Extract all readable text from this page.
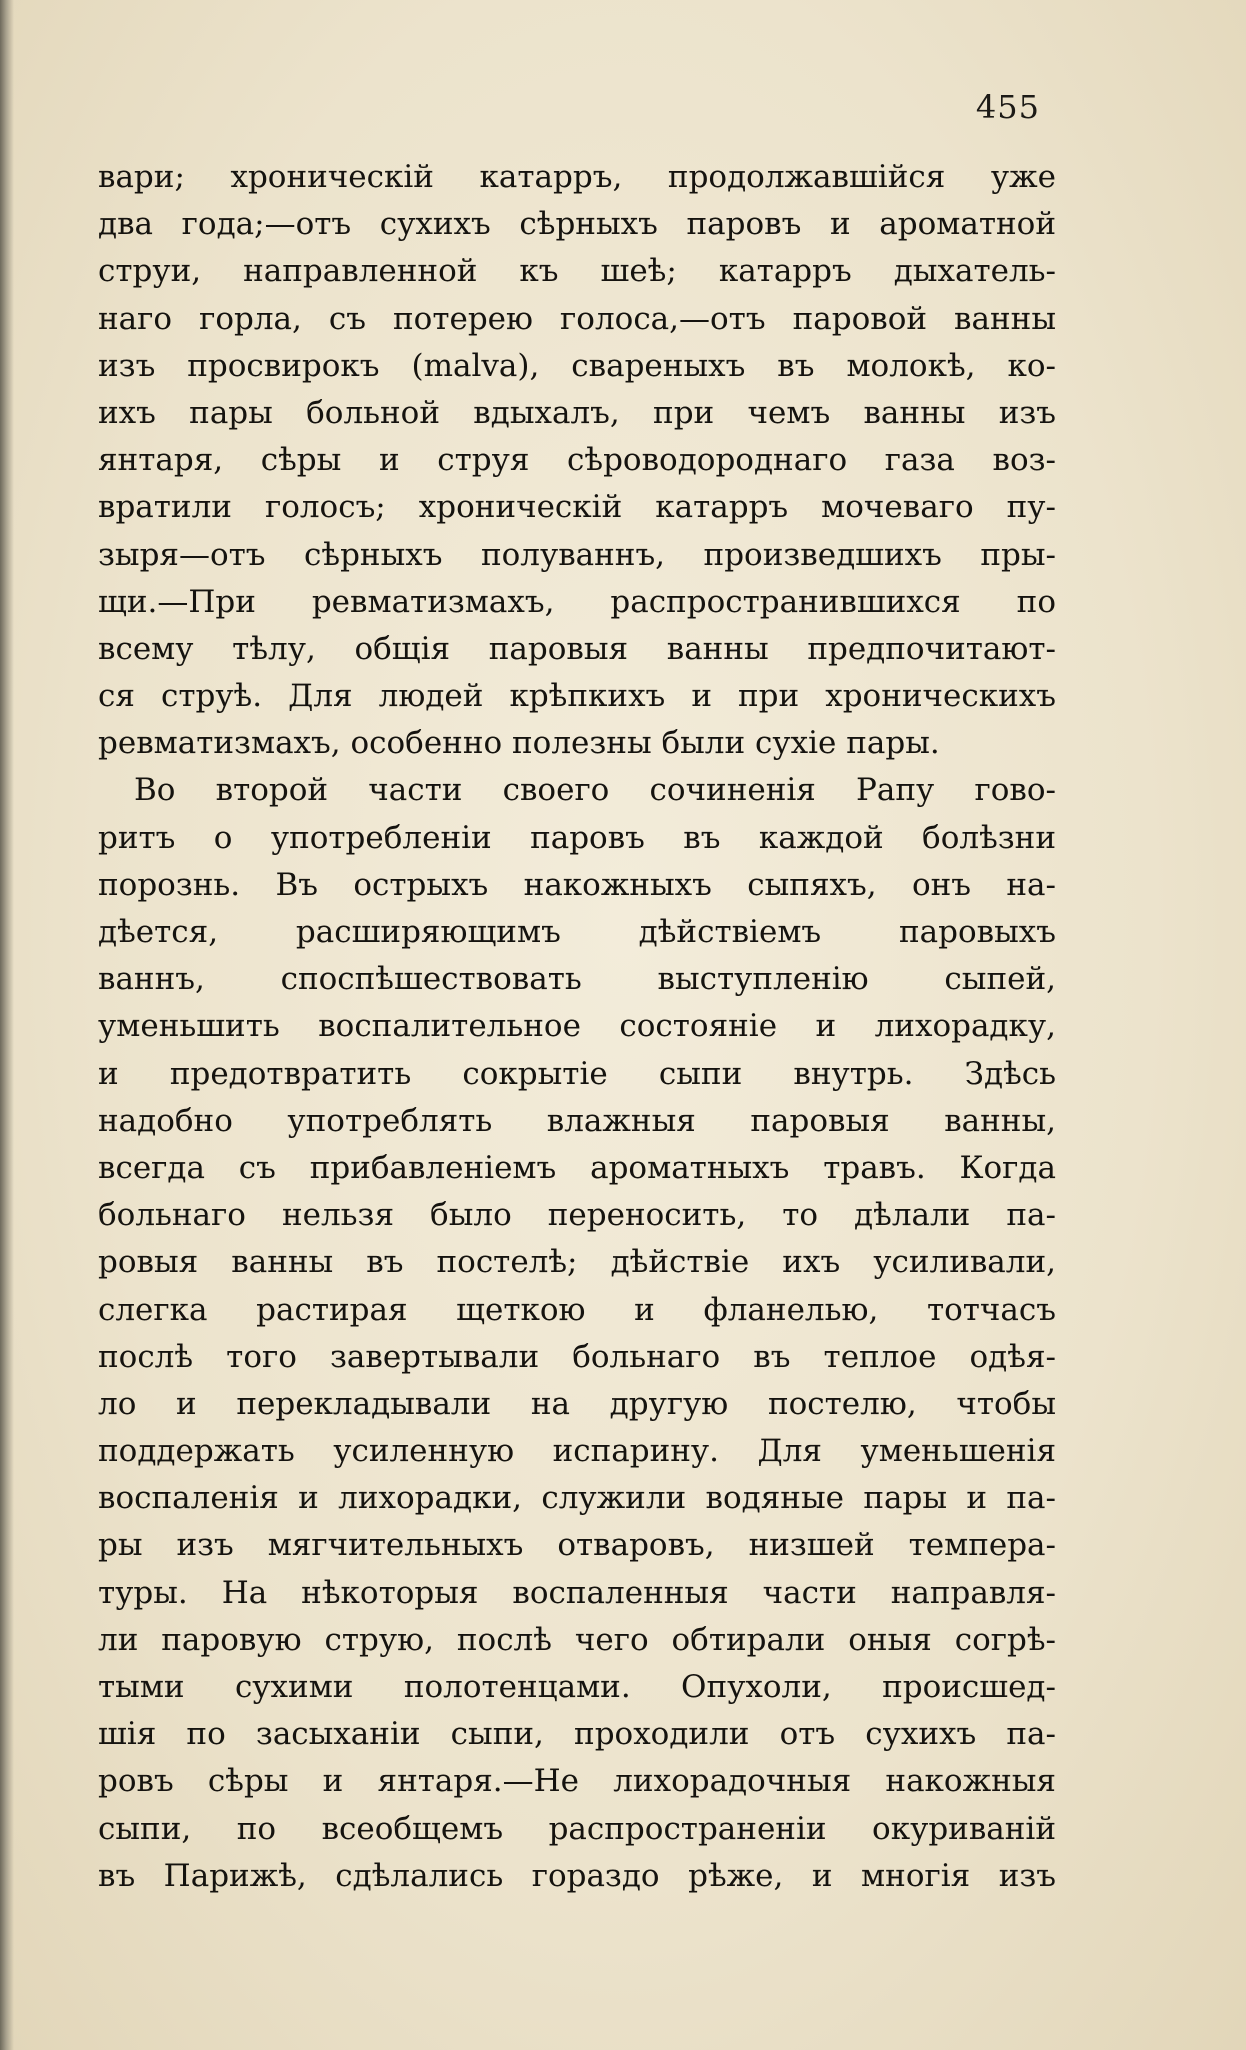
455
вари; хроническій катарръ, продолжавшійся уже
два года;—отъ сухихъ сѣрныхъ паровъ и ароматной
струи, направленной къ шеѣ; катарръ дыхатель-
наго горла, съ потерею голоса,—отъ паровой ванны
изъ просвирокъ (malva), свареныхъ въ молокѣ, ко-
ихъ пары больной вдыхалъ, при чемъ ванны изъ
янтаря, сѣры и струя сѣроводороднаго газа воз-
вратили голосъ; хроническій катарръ мочеваго пу-
зыря—отъ сѣрныхъ полуваннъ, произведшихъ пры-
щи.—При ревматизмахъ, распространившихся по
всему тѣлу, общія паровыя ванны предпочитают-
ся струѣ. Для людей крѣпкихъ и при хроническихъ
ревматизмахъ, особенно полезны были сухіе пары.
Во второй части своего сочиненія Рапу гово-
ритъ о употребленіи паровъ въ каждой болѣзни
порознь. Въ острыхъ накожныхъ сыпяхъ, онъ на-
дѣется, расширяющимъ дѣйствіемъ паровыхъ
ваннъ, споспѣшествовать выступленію сыпей,
уменьшить воспалительное состояніе и лихорадку,
и предотвратить сокрытіе сыпи внутрь. Здѣсь
надобно употреблять влажныя паровыя ванны,
всегда съ прибавленіемъ ароматныхъ травъ. Когда
больнаго нельзя было переносить, то дѣлали па-
ровыя ванны въ постелѣ; дѣйствіе ихъ усиливали,
слегка растирая щеткою и фланелью, тотчасъ
послѣ того завертывали больнаго въ теплое одѣя-
ло и перекладывали на другую постелю, чтобы
поддержать усиленную испарину. Для уменьшенія
воспаленія и лихорадки, служили водяные пары и па-
ры изъ мягчительныхъ отваровъ, низшей темпера-
туры. На нѣкоторыя воспаленныя части направля-
ли паровую струю, послѣ чего обтирали оныя согрѣ-
тыми сухими полотенцами. Опухоли, происшед-
шія по засыханіи сыпи, проходили отъ сухихъ па-
ровъ сѣры и янтаря.—Не лихорадочныя накожныя
сыпи, по всеобщемъ распространеніи окуриваній
въ Парижѣ, сдѣлались гораздо рѣже, и многія изъ
